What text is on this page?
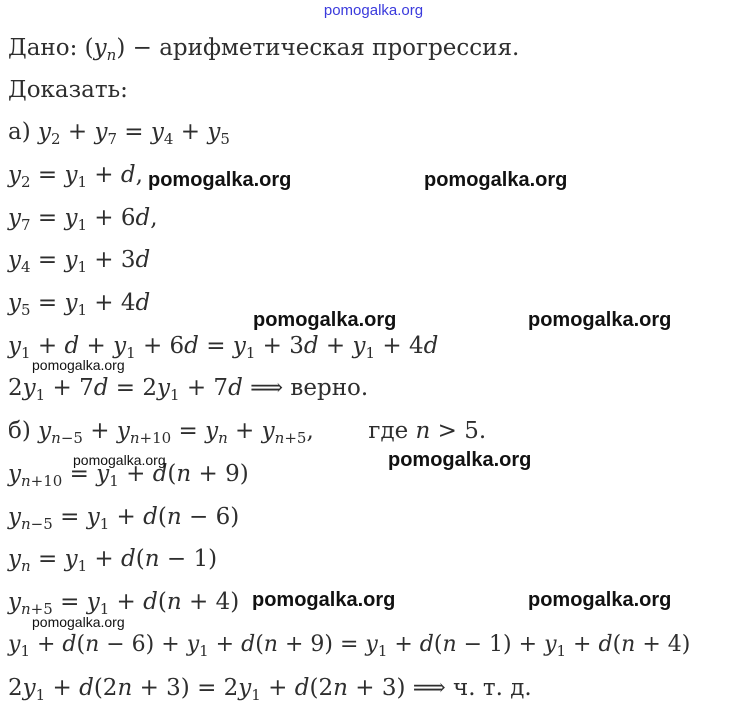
pomogalka.org
Дано: $(y_n)$ − арифметическая прогрессия.
Доказать:
а) $y_2 + y_7 = y_4 + y_5$
$y_2 = y_1 + d$,
$y_7 = y_1 + 6d$,
$y_4 = y_1 + 3d$
$y_5 = y_1 + 4d$
$y_1 + d + y_1 + 6d = y_1 + 3d + y_1 + 4d$
$2y_1 + 7d = 2y_1 + 7d$ ⟹ верно.
б) $y_{n-5} + y_{n+10} = y_n + y_{n+5}$,  где n > 5.
$y_{n+10} = y_1 + d(n + 9)$
$y_{n-5} = y_1 + d(n - 6)$
$y_n = y_1 + d(n - 1)$
$y_{n+5} = y_1 + d(n + 4)$
$y_1 + d(n - 6) + y_1 + d(n + 9) = y_1 + d(n - 1) + y_1 + d(n + 4)$
$2y_1 + d(2n + 3) = 2y_1 + d(2n + 3)$ ⟹ ч. т. д.
pomogalka.org	pomogalka.org
pomogalka.org	pomogalka.org
pomogalka.org
pomogalka.org	pomogalka.org
pomogalka.org
pomogalka.org
pomogalka.org
